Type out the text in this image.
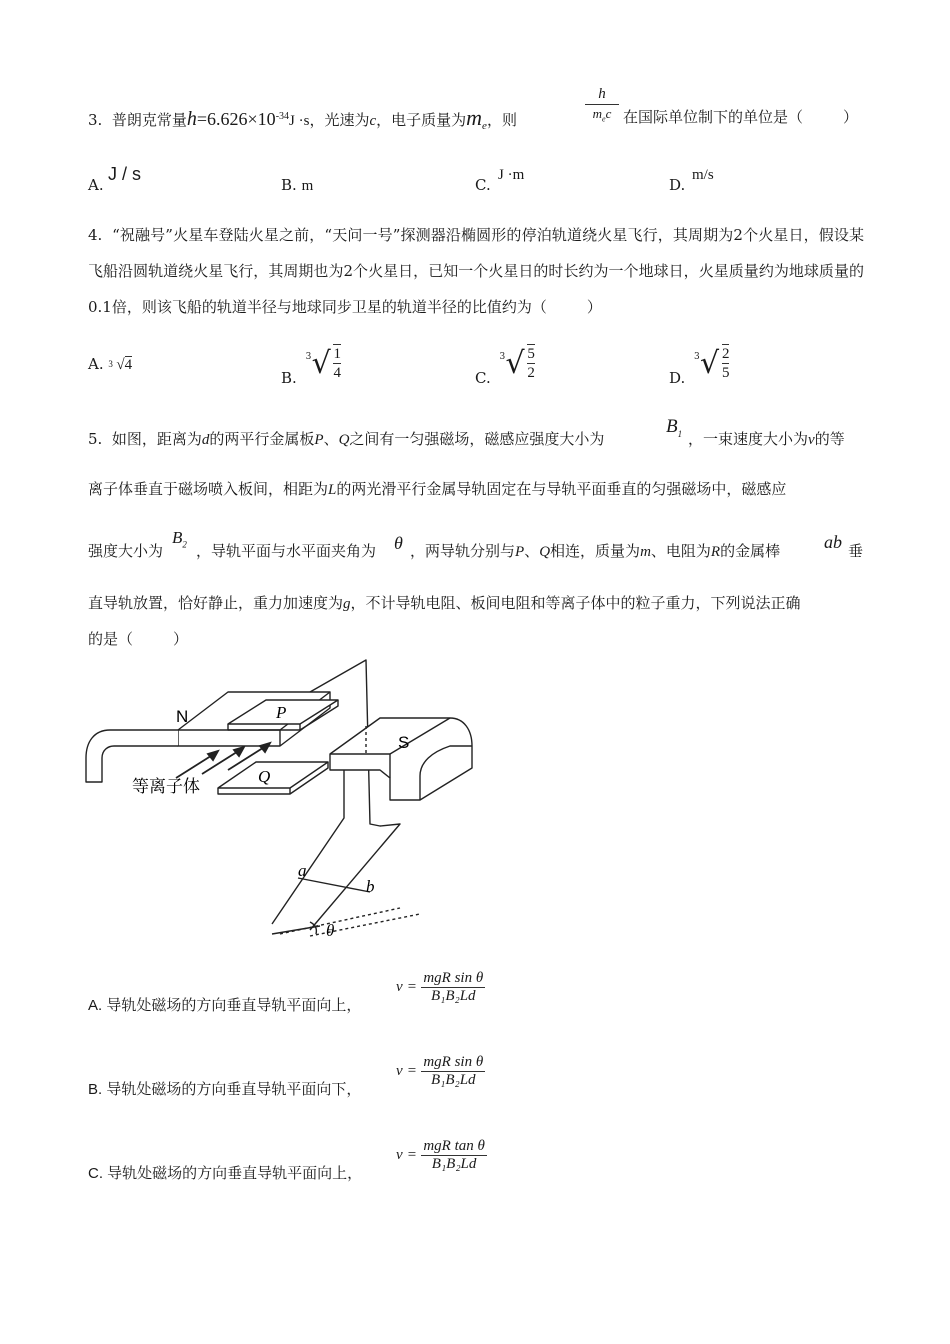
3. 普朗克常量$h=6.626\times 10^{-34}J \cdot s$，光速为c，电子质量为$m_e$，则
h
$m_ec$ 在国际单位制下的单位是（	）
A.
J / s
B. m	C.
J ·m
D.
m/s
4. “祝融号”火星车登陆火星之前，“天问一号”探测器沿椭圆形的停泊轨道绕火星飞行，其周期为2个火星日，假设某飞船沿圆轨道绕火星飞行，其周期也为2个火星日，已知一个火星日的时长约为一个地球日，火星质量约为地球质量的0.1倍，则该飞船的轨道半径与地球同步卫星的轨道半径的比值约为（	）
A. 3 √4
B.
3 √ $\frac{1}{4}$	C.
3 √ $\frac{5}{2}$	D.
3 √ $\frac{2}{5}$
5. 如图，距离为d的两平行金属板P、Q之间有一匀强磁场，磁感应强度大小为
$B_1$ ，一束速度大小为v的等
离子体垂直于磁场喷入板间，相距为L的两光滑平行金属导轨固定在与导轨平面垂直的匀强磁场中，磁感应
强度大小为
$B_2$ ，导轨平面与水平面夹角为 θ ，两导轨分别与P、Q相连，质量为m、电阻为R的金属棒 ab 垂
直导轨放置，恰好静止，重力加速度为g，不计导轨电阻、板间电阻和等离子体中的粒子重力，下列说法正确
的是（	）
N
S
P
Q
等离子体
a
b
θ
A. 导轨处磁场的方向垂直导轨平面向上，
$v = \frac{\text{mgR sin θ}}{\text{B₁B₂Ld}}$
B. 导轨处磁场的方向垂直导轨平面向下，
$v = \frac{\text{mgR sin θ}}{\text{B₁B₂Ld}}$
C. 导轨处磁场的方向垂直导轨平面向上，
$v = \frac{\text{mgR tan θ}}{\text{B₁B₂Ld}}$
